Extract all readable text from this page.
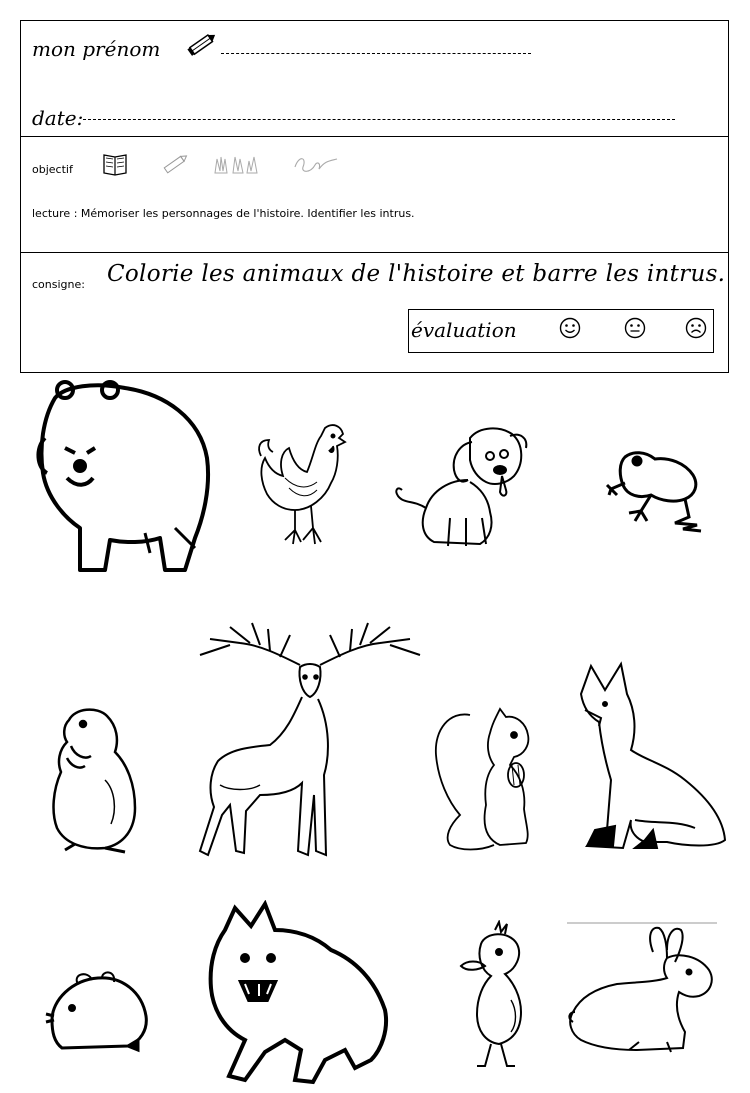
mon prénom
date:
objectif
lecture : Mémoriser les personnages de l'histoire. Identifier les intrus.
consigne: Colorie les animaux de l'histoire et barre les intrus.
évaluation
